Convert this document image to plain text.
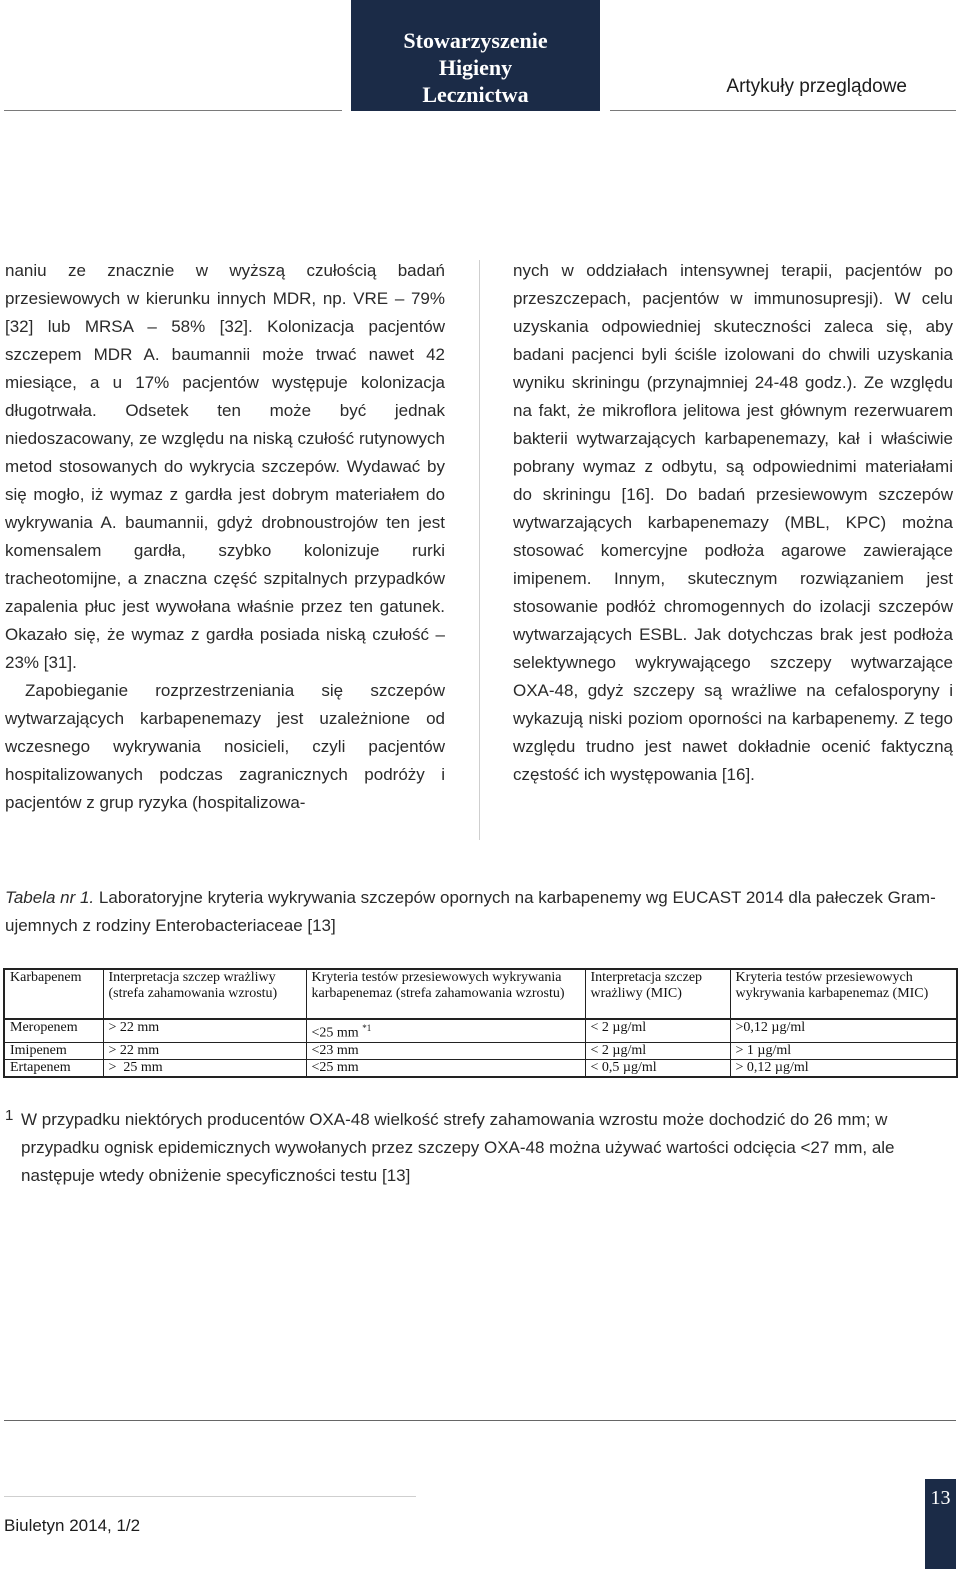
Stowarzyszenie
Higieny
Lecznictwa	Artykuły przeglądowe

naniu ze znacznie w wyższą czułością badań przesiewowych w kierunku innych MDR, np. VRE – 79% [32] lub MRSA – 58% [32]. Kolonizacja pacjentów szczepem MDR A. baumannii może trwać nawet 42 miesiące, a u 17% pacjentów występuje kolonizacja długotrwała. Odsetek ten może być jednak niedoszacowany, ze względu na niską czułość rutynowych metod stosowanych do wykrycia szczepów. Wydawać by się mogło, iż wymaz z gardła jest dobrym materiałem do wykrywania A. baumannii, gdyż drobnoustrojów ten jest komensalem gardła, szybko kolonizuje rurki tracheotomijne, a znaczna część szpitalnych przypadków zapalenia płuc jest wywołana właśnie przez ten gatunek. Okazało się, że wymaz z gardła posiada niską czułość – 23% [31].

Zapobieganie rozprzestrzeniania się szczepów wytwarzających karbapenemazy jest uzależnione od wczesnego wykrywania nosicieli, czyli pacjentów hospitalizowanych podczas zagranicznych podróży i pacjentów z grup ryzyka (hospitalizowa-

nych w oddziałach intensywnej terapii, pacjentów po przeszczepach, pacjentów w immunosupresji). W celu uzyskania odpowiedniej skuteczności zaleca się, aby badani pacjenci byli ściśle izolowani do chwili uzyskania wyniku skriningu (przynajmniej 24-48 godz.). Ze względu na fakt, że mikroflora jelitowa jest głównym rezerwuarem bakterii wytwarzających karbapenemazy, kał i właściwie pobrany wymaz z odbytu, są odpowiednimi materiałami do skriningu [16]. Do badań przesiewowym szczepów wytwarzających karbapenemazy (MBL, KPC) można stosować komercyjne podłoża agarowe zawierające imipenem. Innym, skutecznym rozwiązaniem jest stosowanie podłóż chromogennych do izolacji szczepów wytwarzających ESBL. Jak dotychczas brak jest podłoża selektywnego wykrywającego szczepy wytwarzające OXA-48, gdyż szczepy są wrażliwe na cefalosporyny i wykazują niski poziom oporności na karbapenemy. Z tego względu trudno jest nawet dokładnie ocenić faktyczną częstość ich występowania [16].

Tabela nr 1. Laboratoryjne kryteria wykrywania szczepów opornych na karbapenemy wg EUCAST 2014 dla pałeczek Gram-ujemnych z rodziny Enterobacteriaceae [13]
Karbapenem	Interpretacja szczep wrażliwy (strefa zahamowania wzrostu)	Kryteria testów przesiewowych wykrywania karbapenemaz (strefa zahamowania wzrostu)	Interpretacja szczep wrażliwy (MIC)	Kryteria testów przesiewowych wykrywania karbapenemaz (MIC)
Meropenem	> 22 mm	<25 mm $^{*1}$	< 2 µg/ml	>0,12 µg/ml
Imipenem	> 22 mm	<23 mm	< 2 µg/ml	> 1 µg/ml
Ertapenem	>  25 mm	<25 mm	< 0,5 µg/ml	> 0,12 µg/ml
1 W przypadku niektórych producentów OXA-48 wielkość strefy zahamowania wzrostu może dochodzić do 26 mm; w przypadku ognisk epidemicznych wywołanych przez szczepy OXA-48 można używać wartości odcięcia <27 mm, ale następuje wtedy obniżenie specyficzności testu [13]
Biuletyn 2014, 1/2
13
